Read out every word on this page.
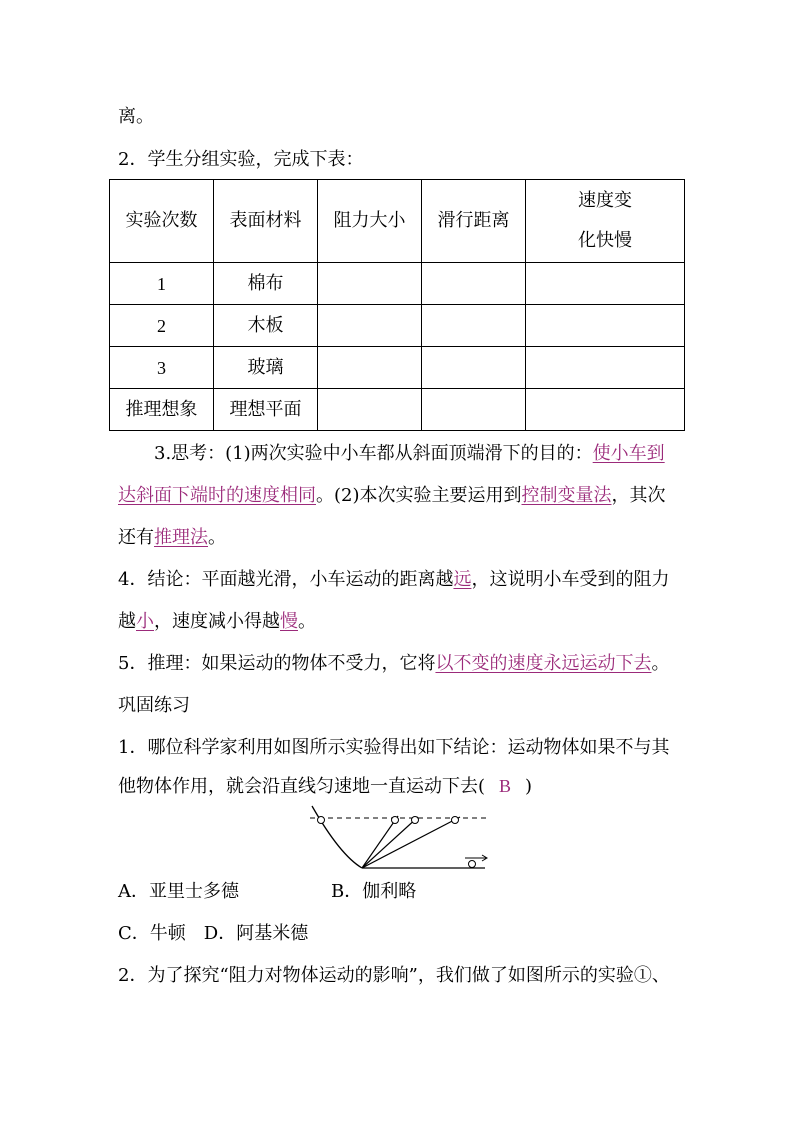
离。
2．学生分组实验，完成下表：
实验次数	表面材料	阻力大小	滑行距离	速度变
化快慢

1	棉布			
2	木板			
3	玻璃			
推理想象	理想平面			
3.思考：(1)两次实验中小车都从斜面顶端滑下的目的：使小车到
达斜面下端时的速度相同。(2)本次实验主要运用到控制变量法，其次
还有推理法。
4．结论：平面越光滑，小车运动的距离越远，这说明小车受到的阻力
越小，速度减小得越慢。
5．推理：如果运动的物体不受力，它将以不变的速度永远运动下去。
巩固练习
1．哪位科学家利用如图所示实验得出如下结论：运动物体如果不与其
他物体作用，就会沿直线匀速地一直运动下去( B )
A．亚里士多德	B．伽利略
C．牛顿　D．阿基米德
2．为了探究“阻力对物体运动的影响”，我们做了如图所示的实验①、
